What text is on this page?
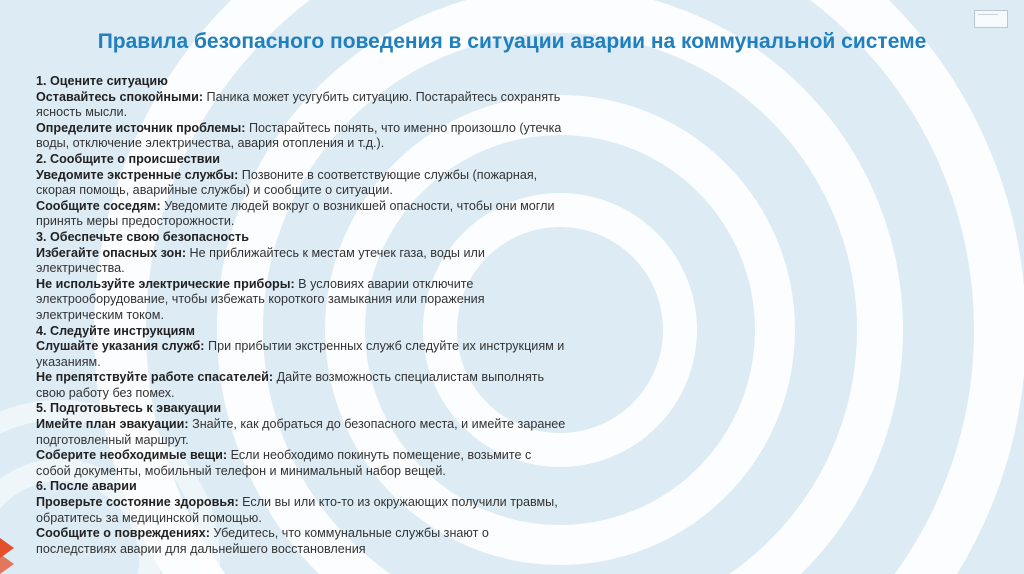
Правила безопасного поведения в ситуации аварии на коммунальной системе

1. Оцените ситуацию

Оставайтесь спокойными: Паника может усугубить ситуацию. Постарайтесь сохранять ясность мысли.

Определите источник проблемы: Постарайтесь понять, что именно произошло (утечка воды, отключение электричества, авария отопления и т.д.).

2. Сообщите о происшествии

Уведомите экстренные службы: Позвоните в соответствующие службы (пожарная, скорая помощь, аварийные службы) и сообщите о ситуации.

Сообщите соседям: Уведомите людей вокруг о возникшей опасности, чтобы они могли принять меры предосторожности.

3. Обеспечьте свою безопасность

Избегайте опасных зон: Не приближайтесь к местам утечек газа, воды или электричества.

Не используйте электрические приборы: В условиях аварии отключите электрооборудование, чтобы избежать короткого замыкания или поражения электрическим током.

4. Следуйте инструкциям

Слушайте указания служб: При прибытии экстренных служб следуйте их инструкциям и указаниям.

Не препятствуйте работе спасателей: Дайте возможность специалистам выполнять свою работу без помех.

5. Подготовьтесь к эвакуации

Имейте план эвакуации: Знайте, как добраться до безопасного места, и имейте заранее подготовленный маршрут.

Соберите необходимые вещи: Если необходимо покинуть помещение, возьмите с собой документы, мобильный телефон и минимальный набор вещей.

6. После аварии

Проверьте состояние здоровья: Если вы или кто-то из окружающих получили травмы, обратитесь за медицинской помощью.

Сообщите о повреждениях: Убедитесь, что коммунальные службы знают о последствиях аварии для дальнейшего восстановления
